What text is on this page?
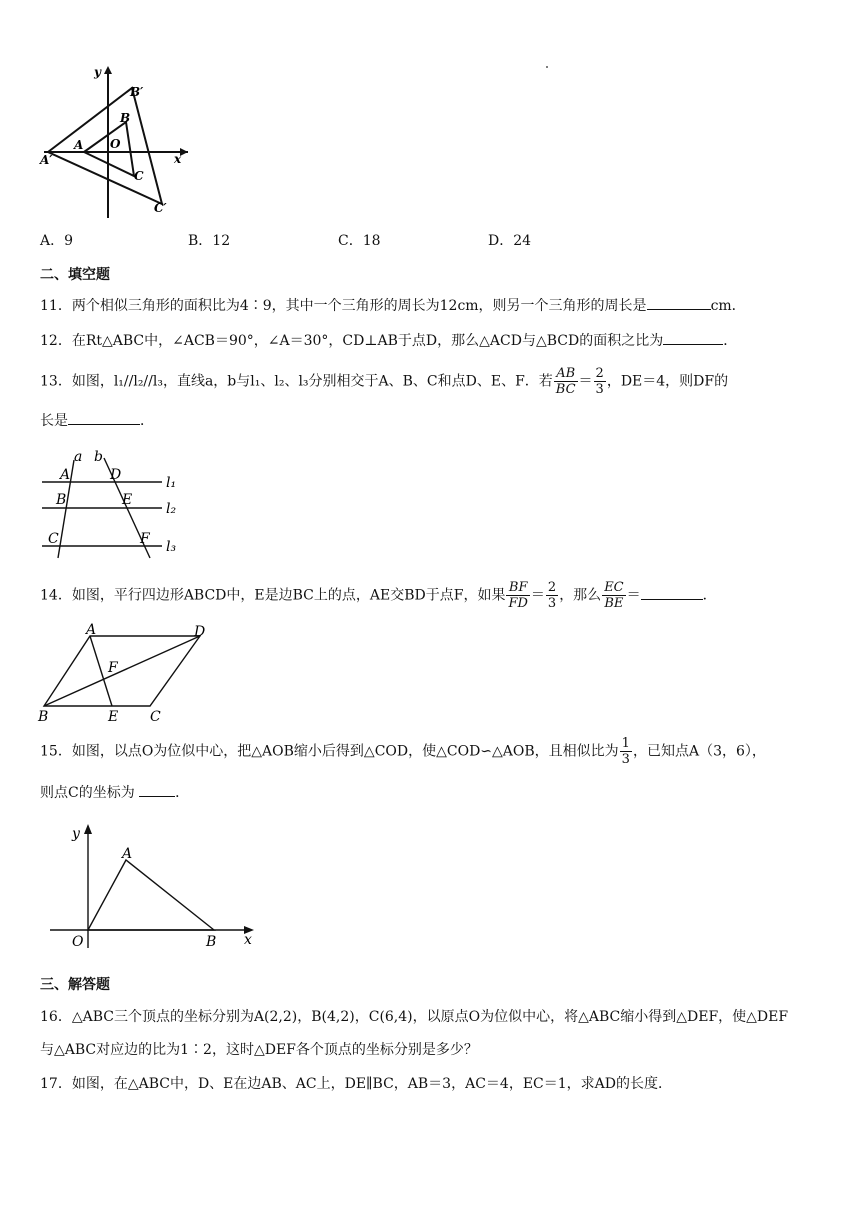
y
x
B′
B
A O
A′
C
C′
A．9	B．12	C．18	D．24
二、填空题
11．两个相似三角形的面积比为4∶9，其中一个三角形的周长为12cm，则另一个三角形的周长是	cm．
12．在Rt△ABC中，∠ACB＝90°，∠A＝30°，CD⊥AB于点D，那么△ACD与△BCD的面积之比为	．
13．如图，l₁//l₂//l₃，直线a，b与l₁、l₂、l₃分别相交于A、B、C和点D、E、F．若 $\frac{AB}{BC} = \frac{2}{3}$ ，DE＝4，则DF的
长是	．
a b
A	D	l₁
B	E
l₂
C	F l₃
14．如图，平行四边形ABCD中，E是边BC上的点，AE交BD于点F，如果 $\frac{BF}{FD} = \frac{2}{3}$ ，那么 $\frac{EC}{BE}$ ＝	．
A	D
F
B	E C
15．如图，以点O为位似中心，把△AOB缩小后得到△COD，使△COD∽△AOB，且相似比为 $\frac{1}{3}$ ，已知点A（3，6），
则点C的坐标为	．
y
A
O	B x
三、解答题
16．△ABC三个顶点的坐标分别为A(2,2)，B(4,2)，C(6,4)，以原点O为位似中心，将△ABC缩小得到△DEF，使△DEF
与△ABC对应边的比为1∶2，这时△DEF各个顶点的坐标分别是多少？
17．如图，在△ABC中，D、E在边AB、AC上，DE∥BC，AB＝3，AC＝4，EC＝1，求AD的长度．
